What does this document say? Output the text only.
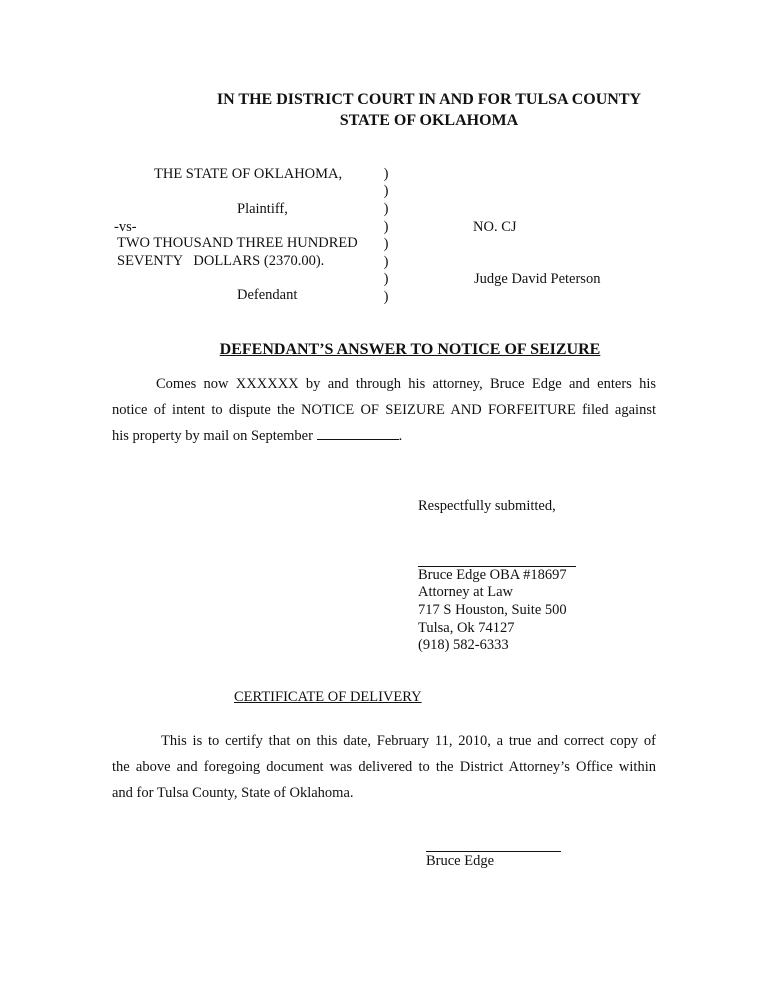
IN THE DISTRICT COURT IN AND FOR TULSA COUNTY
STATE OF OKLAHOMA
THE STATE OF OKLAHOMA,
Plaintiff,
-vs-
TWO THOUSAND THREE HUNDRED
SEVENTY   DOLLARS (2370.00).
Defendant
)
)
)
)
)
)
)
)
NO. CJ
Judge David Peterson
DEFENDANT’S ANSWER TO NOTICE OF SEIZURE
Comes now XXXXXX by and through his attorney, Bruce Edge and enters his
notice of intent to dispute the NOTICE OF SEIZURE AND FORFEITURE filed against
his property by mail on September	.
Respectfully submitted,
Bruce Edge OBA #18697
Attorney at Law
717 S Houston, Suite 500
Tulsa, Ok 74127
(918) 582-6333
CERTIFICATE OF DELIVERY
This is to certify that on this date, February 11, 2010, a true and correct copy of
the above and foregoing document was delivered to the District Attorney’s Office within
and for Tulsa County, State of Oklahoma.
Bruce Edge
